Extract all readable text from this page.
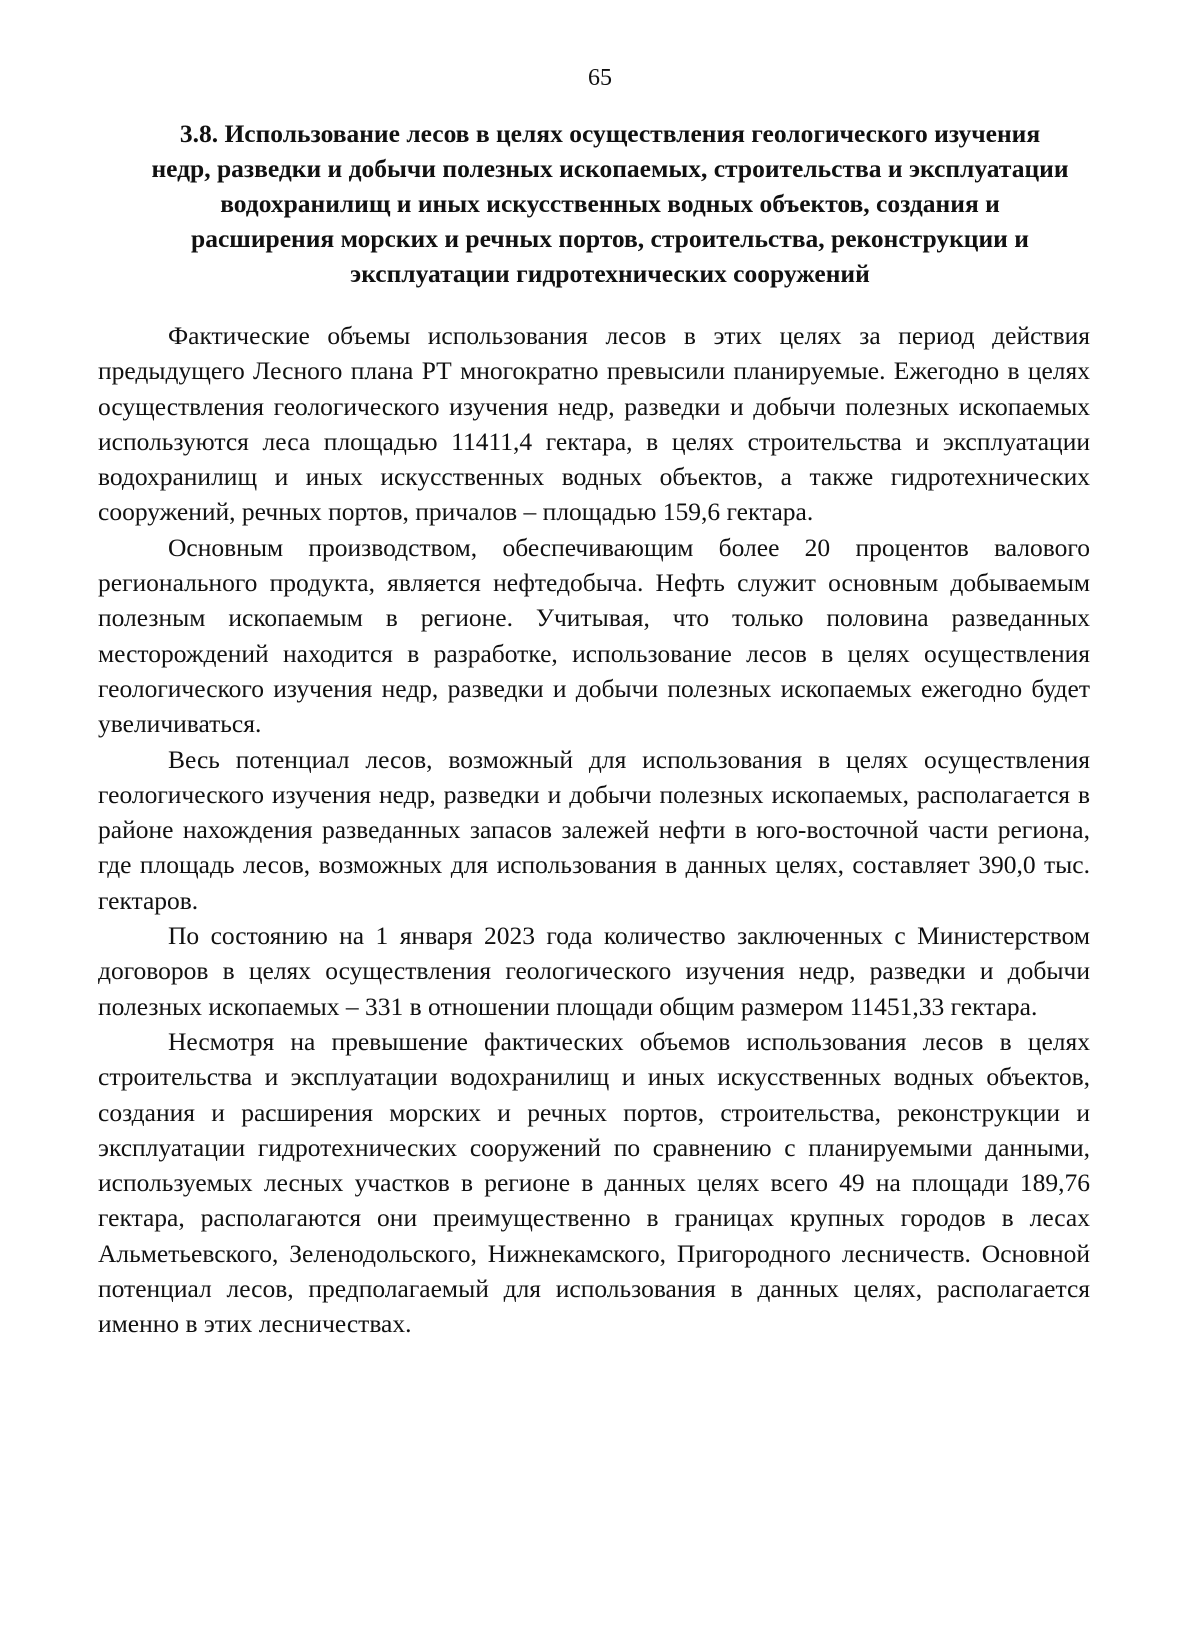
65
3.8. Использование лесов в целях осуществления геологического изучения
недр, разведки и добычи полезных ископаемых, строительства и эксплуатации
водохранилищ и иных искусственных водных объектов, создания и
расширения морских и речных портов, строительства, реконструкции и
эксплуатации гидротехнических сооружений

Фактические объемы использования лесов в этих целях за период действия предыдущего Лесного плана РТ многократно превысили планируемые. Ежегодно в целях осуществления геологического изучения недр, разведки и добычи полезных ископаемых используются леса площадью 11411,4 гектара, в целях строительства и эксплуатации водохранилищ и иных искусственных водных объектов, а также гидротехнических сооружений, речных портов, причалов – площадью 159,6 гектара.

Основным производством, обеспечивающим более 20 процентов валового регионального продукта, является нефтедобыча. Нефть служит основным добываемым полезным ископаемым в регионе. Учитывая, что только половина разведанных месторождений находится в разработке, использование лесов в целях осуществления геологического изучения недр, разведки и добычи полезных ископаемых ежегодно будет увеличиваться.

Весь потенциал лесов, возможный для использования в целях осуществления геологического изучения недр, разведки и добычи полезных ископаемых, располагается в районе нахождения разведанных запасов залежей нефти в юго-восточной части региона, где площадь лесов, возможных для использования в данных целях, составляет 390,0 тыс. гектаров.

По состоянию на 1 января 2023 года количество заключенных с Министерством договоров в целях осуществления геологического изучения недр, разведки и добычи полезных ископаемых – 331 в отношении площади общим размером 11451,33 гектара.

Несмотря на превышение фактических объемов использования лесов в целях строительства и эксплуатации водохранилищ и иных искусственных водных объектов, создания и расширения морских и речных портов, строительства, реконструкции и эксплуатации гидротехнических сооружений по сравнению с планируемыми данными, используемых лесных участков в регионе в данных целях всего 49 на площади 189,76 гектара, располагаются они преимущественно в границах крупных городов в лесах Альметьевского, Зеленодольского, Нижнекамского, Пригородного лесничеств. Основной потенциал лесов, предполагаемый для использования в данных целях, располагается именно в этих лесничествах.
